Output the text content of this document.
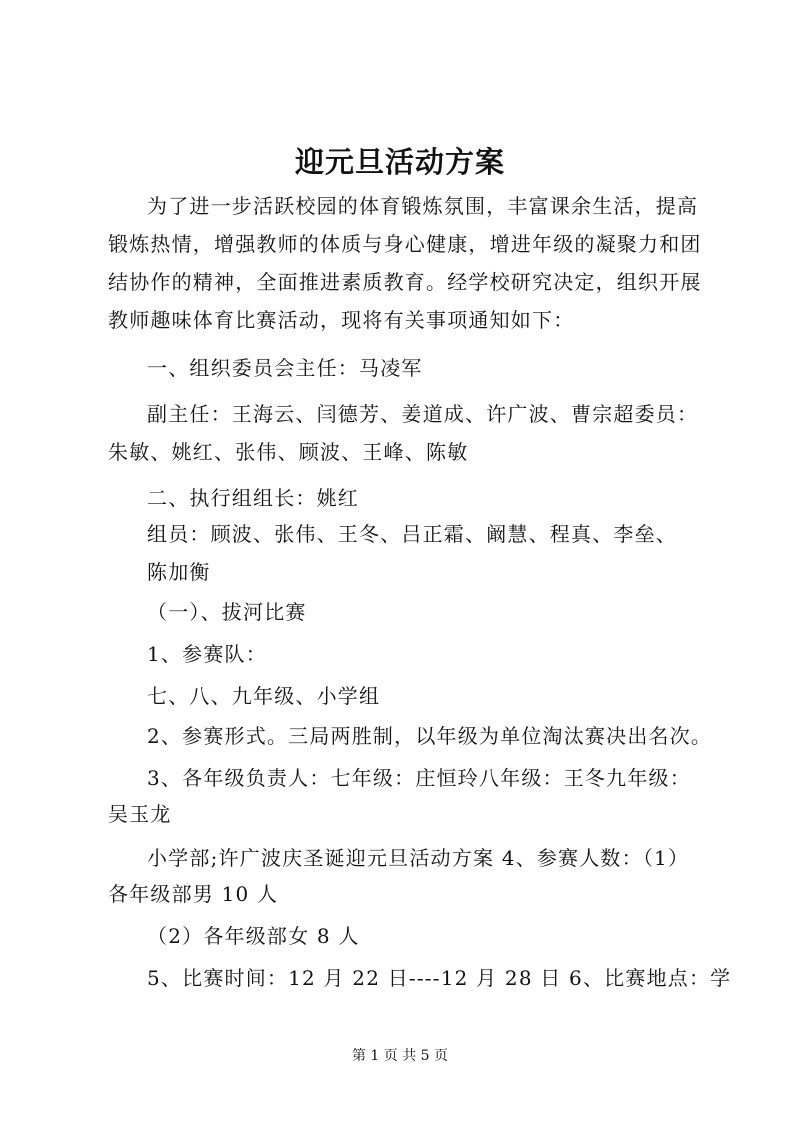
迎元旦活动方案
为了进一步活跃校园的体育锻炼氛围，丰富课余生活，提高
锻炼热情，增强教师的体质与身心健康，增进年级的凝聚力和团
结协作的精神，全面推进素质教育。经学校研究决定，组织开展
教师趣味体育比赛活动，现将有关事项通知如下：
一、组织委员会主任：马凌军
副主任：王海云、闫德芳、姜道成、许广波、曹宗超委员：
朱敏、姚红、张伟、顾波、王峰、陈敏
二、执行组组长：姚红
组员：顾波、张伟、王冬、吕正霜、阚慧、程真、李垒、
陈加衡
（一）、拔河比赛
1、参赛队：
七、八、九年级、小学组
2、参赛形式。三局两胜制，以年级为单位淘汰赛决出名次。
3、各年级负责人：七年级：庄恒玲八年级：王冬九年级：
吴玉龙
小学部;许广波庆圣诞迎元旦活动方案 4、参赛人数：（1）
各年级部男 10 人
（2）各年级部女 8 人
5、比赛时间：12 月 22 日----12 月 28 日 6、比赛地点：学
第 1 页 共 5 页
